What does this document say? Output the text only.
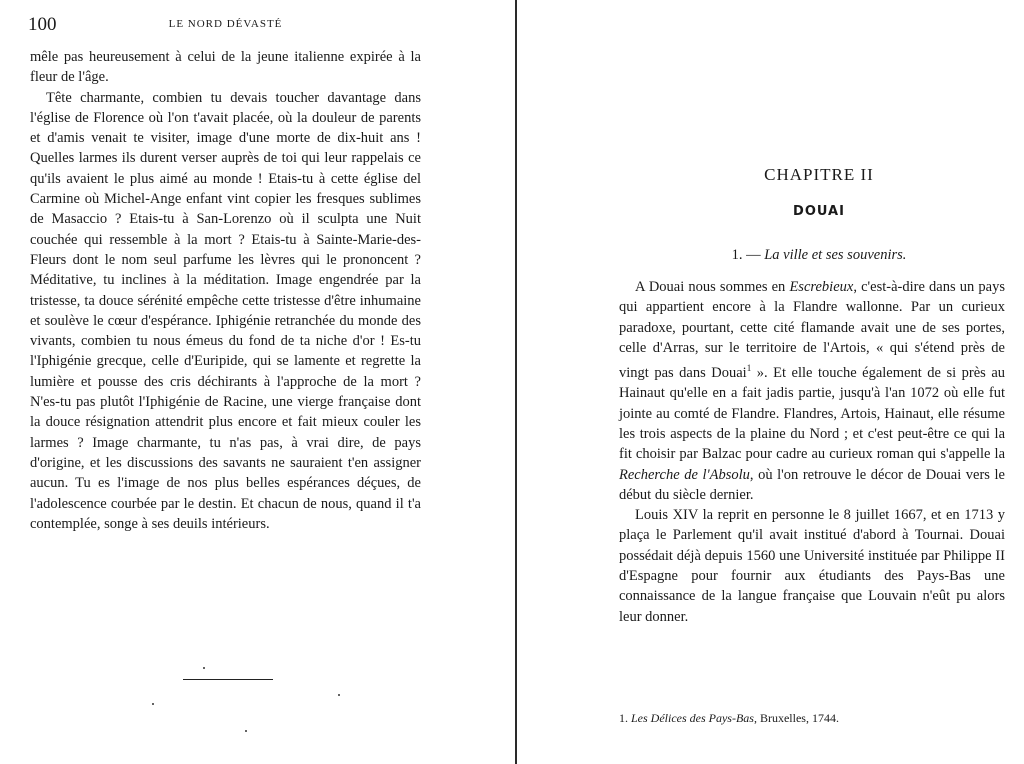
100	LE NORD DÉVASTÉ

mêle pas heureusement à celui de la jeune italienne expirée à la fleur de l'âge.

Tête charmante, combien tu devais toucher davantage dans l'église de Florence où l'on t'avait placée, où la douleur de parents et d'amis venait te visiter, image d'une morte de dix-huit ans ! Quelles larmes ils durent verser auprès de toi qui leur rappelais ce qu'ils avaient le plus aimé au monde ! Etais-tu à cette église del Carmine où Michel-Ange enfant vint copier les fresques sublimes de Masaccio ? Etais-tu à San-Lorenzo où il sculpta une Nuit couchée qui ressemble à la mort ? Etais-tu à Sainte-Marie-des-Fleurs dont le nom seul parfume les lèvres qui le prononcent ? Méditative, tu inclines à la méditation. Image engendrée par la tristesse, ta douce sérénité empêche cette tristesse d'être inhumaine et soulève le cœur d'espérance. Iphigénie retranchée du monde des vivants, combien tu nous émeus du fond de ta niche d'or ! Es-tu l'Iphigénie grecque, celle d'Euripide, qui se lamente et regrette la lumière et pousse des cris déchirants à l'approche de la mort ? N'es-tu pas plutôt l'Iphigénie de Racine, une vierge française dont la douce résignation attendrit plus encore et fait mieux couler les larmes ? Image charmante, tu n'as pas, à vrai dire, de pays d'origine, et les discussions des savants ne sauraient t'en assigner aucun. Tu es l'image de nos plus belles espérances déçues, de l'adolescence courbée par le destin. Et chacun de nous, quand il t'a contemplée, songe à ses deuils intérieurs.

CHAPITRE II
DOUAI
1. — La ville et ses souvenirs.

A Douai nous sommes en Escrebieux, c'est-à-dire dans un pays qui appartient encore à la Flandre wallonne. Par un curieux paradoxe, pourtant, cette cité flamande avait une de ses portes, celle d'Arras, sur le territoire de l'Artois, « qui s'étend près de vingt pas dans Douai$^1$ ». Et elle touche également de si près au Hainaut qu'elle en a fait jadis partie, jusqu'à l'an 1072 où elle fut jointe au comté de Flandre. Flandres, Artois, Hainaut, elle résume les trois aspects de la plaine du Nord ; et c'est peut-être ce qui la fit choisir par Balzac pour cadre au curieux roman qui s'appelle la Recherche de l'Absolu, où l'on retrouve le décor de Douai vers le début du siècle dernier.

Louis XIV la reprit en personne le 8 juillet 1667, et en 1713 y plaça le Parlement qu'il avait institué d'abord à Tournai. Douai possédait déjà depuis 1560 une Université instituée par Philippe II d'Espagne pour fournir aux étudiants des Pays-Bas une connaissance de la langue française que Louvain n'eût pu alors leur donner.

1. Les Délices des Pays-Bas, Bruxelles, 1744.
